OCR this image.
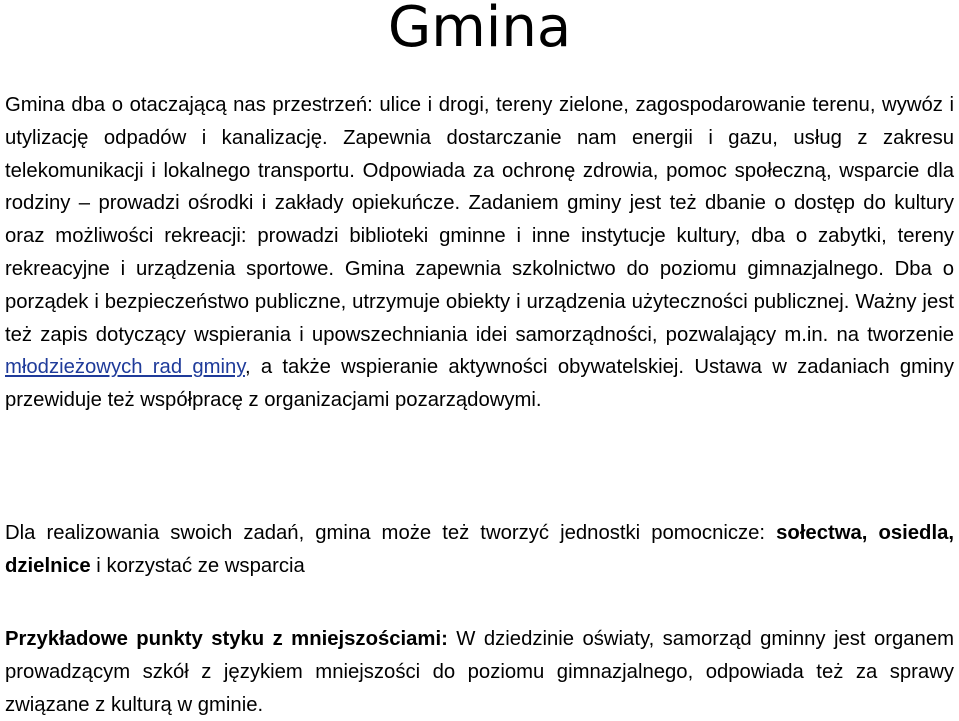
Gmina

Gmina dba o otaczającą nas przestrzeń: ulice i drogi, tereny zielone, zagospodarowanie terenu, wywóz i utylizację odpadów i kanalizację. Zapewnia dostarczanie nam energii i gazu, usług z zakresu telekomunikacji i lokalnego transportu. Odpowiada za ochronę zdrowia, pomoc społeczną, wsparcie dla rodziny – prowadzi ośrodki i zakłady opiekuńcze. Zadaniem gminy jest też dbanie o dostęp do kultury oraz możliwości rekreacji: prowadzi biblioteki gminne i inne instytucje kultury, dba o zabytki, tereny rekreacyjne i urządzenia sportowe. Gmina zapewnia szkolnictwo do poziomu gimnazjalnego. Dba o porządek i bezpieczeństwo publiczne, utrzymuje obiekty i urządzenia użyteczności publicznej. Ważny jest też zapis dotyczący wspierania i upowszechniania idei samorządności, pozwalający m.in. na tworzenie młodzieżowych rad gminy, a także wspieranie aktywności obywatelskiej. Ustawa w zadaniach gminy przewiduje też współpracę z organizacjami pozarządowymi.

Dla realizowania swoich zadań, gmina może też tworzyć jednostki pomocnicze: sołectwa, osiedla, dzielnice i korzystać ze wsparcia

Przykładowe punkty styku z mniejszościami: W dziedzinie oświaty, samorząd gminny jest organem prowadzącym szkół z językiem mniejszości do poziomu gimnazjalnego, odpowiada też za sprawy związane z kulturą w gminie.
